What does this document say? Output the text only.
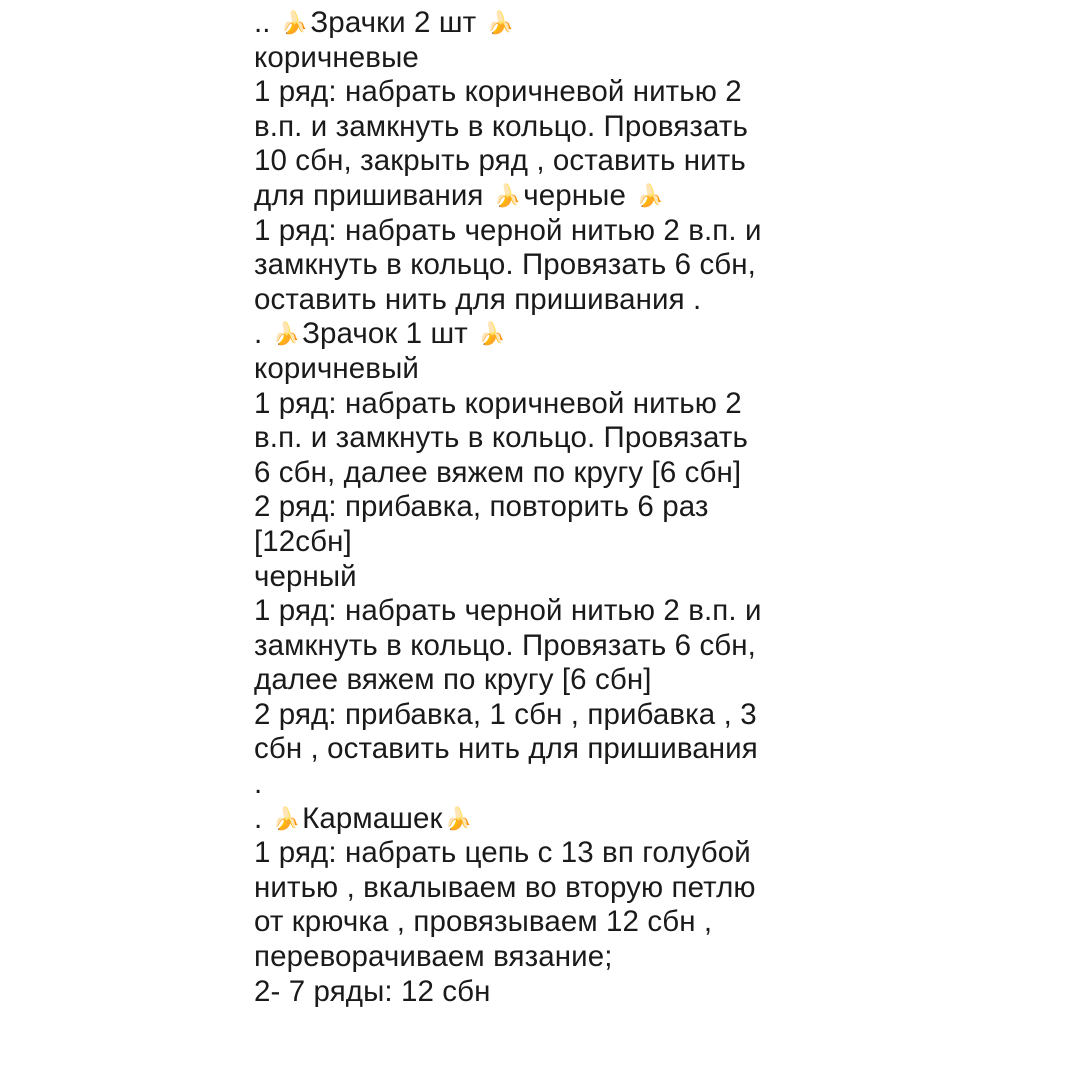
.. 🍌Зрачки 2 шт 🍌
коричневые
1 ряд: набрать коричневой нитью 2
в.п. и замкнуть в кольцо. Провязать
10 сбн, закрыть ряд , оставить нить
для пришивания 🍌черные 🍌
1 ряд: набрать черной нитью 2 в.п. и
замкнуть в кольцо. Провязать 6 сбн,
оставить нить для пришивания .
. 🍌Зрачок 1 шт 🍌
коричневый
1 ряд: набрать коричневой нитью 2
в.п. и замкнуть в кольцо. Провязать
6 сбн, далее вяжем по кругу [6 сбн]
2 ряд: прибавка, повторить 6 раз
[12сбн]
черный
1 ряд: набрать черной нитью 2 в.п. и
замкнуть в кольцо. Провязать 6 сбн,
далее вяжем по кругу [6 сбн]
2 ряд: прибавка, 1 сбн , прибавка , 3
сбн , оставить нить для пришивания
.
. 🍌Кармашек🍌
1 ряд: набрать цепь с 13 вп голубой
нитью , вкалываем во вторую петлю
от крючка , провязываем 12 сбн ,
переворачиваем вязание;
2- 7 ряды: 12 сбн
